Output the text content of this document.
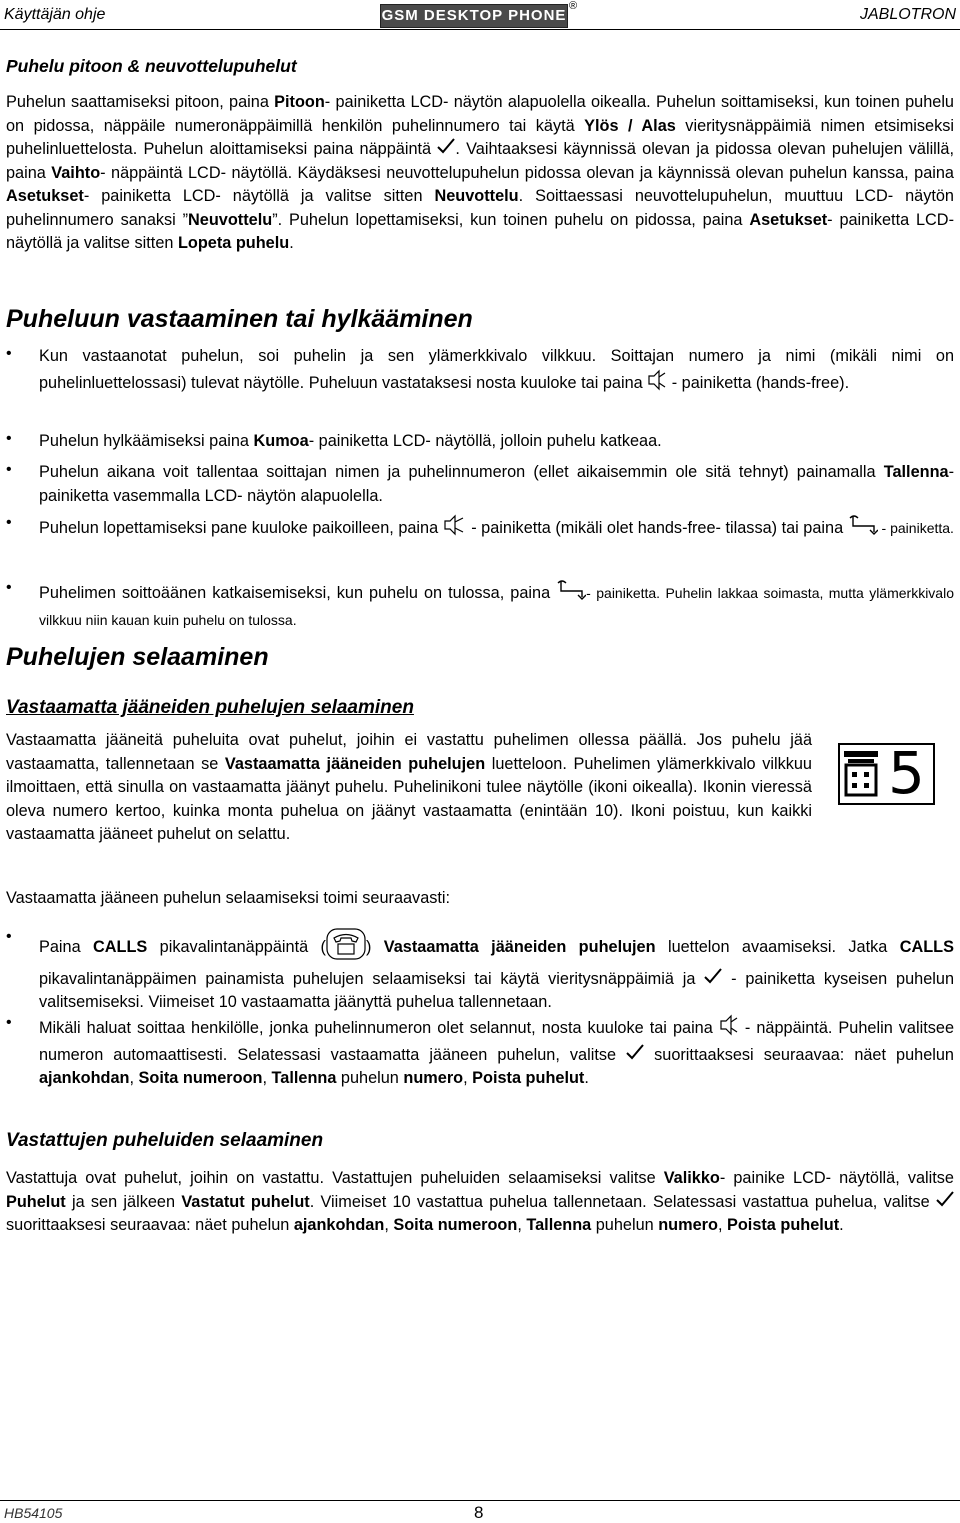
Käyttäjän ohje	GSM DESKTOP PHONE
®	JABLOTRON
Puhelu pitoon & neuvottelupuhelut

Puhelun saattamiseksi pitoon, paina Pitoon- painiketta LCD- näytön alapuolella oikealla. Puhelun soittamiseksi, kun toinen puhelu on pidossa, näppäile numeronäppäimillä henkilön puhelinnumero tai käytä Ylös / Alas vieritysnäppäimiä nimen etsimiseksi puhelinluettelosta. Puhelun aloittamiseksi paina näppäintä . Vaihtaaksesi käynnissä olevan ja pidossa olevan puhelujen välillä, paina Vaihto- näppäintä LCD- näytöllä. Käydäksesi neuvottelupuhelun pidossa olevan ja käynnissä olevan puhelun kanssa, paina Asetukset- painiketta LCD- näytöllä ja valitse sitten Neuvottelu. Soittaessasi neuvottelupuhelun, muuttuu LCD- näytön puhelinnumero sanaksi ”Neuvottelu”. Puhelun lopettamiseksi, kun toinen puhelu on pidossa, paina Asetukset- painiketta LCD- näytöllä ja valitse sitten Lopeta puhelu.

Puheluun vastaaminen tai hylkääminen
• Kun vastaanotat puhelun, soi puhelin ja sen ylämerkkivalo vilkkuu. Soittajan numero ja nimi (mikäli nimi on puhelinluettelossasi) tulevat näytölle. Puheluun vastataksesi nosta kuuloke tai paina  - painiketta (hands-free).

• Puhelun hylkäämiseksi paina Kumoa- painiketta LCD- näytöllä, jolloin puhelu katkeaa.

• Puhelun aikana voit tallentaa soittajan nimen ja puhelinnumeron (ellet aikaisemmin ole sitä tehnyt) painamalla Tallenna- painiketta vasemmalla LCD- näytön alapuolella.

• Puhelun lopettamiseksi pane kuuloke paikoilleen, paina  - painiketta (mikäli olet hands-free- tilassa) tai paina  - painiketta.

• Puhelimen soittoäänen katkaisemiseksi, kun puhelu on tulossa, paina - painiketta. Puhelin lakkaa soimasta, mutta ylämerkkivalo vilkkuu niin kauan kuin puhelu on tulossa.

Puhelujen selaaminen
Vastaamatta jääneiden puhelujen selaaminen

Vastaamatta jääneitä puheluita ovat puhelut, joihin ei vastattu puhelimen ollessa päällä. Jos puhelu jää vastaamatta, tallennetaan se Vastaamatta jääneiden puhelujen luetteloon. Puhelimen ylämerkkivalo vilkkuu ilmoittaen, että sinulla on vastaamatta jäänyt puhelu. Puhelinikoni tulee näytölle (ikoni oikealla). Ikonin vieressä oleva numero kertoo, kuinka monta puhelua on jäänyt vastaamatta (enintään 10). Ikoni poistuu, kun kaikki vastaamatta jääneet puhelut on selattu.

5

Vastaamatta jääneen puhelun selaamiseksi toimi seuraavasti:

•

Paina CALLS pikavalintanäppäintä ( ) Vastaamatta jääneiden puhelujen luettelon avaamiseksi. Jatka CALLS pikavalintanäppäimen painamista puhelujen selaamiseksi tai käytä vieritysnäppäimiä ja  - painiketta kyseisen puhelun valitsemiseksi. Viimeiset 10 vastaamatta jäänyttä puhelua tallennetaan.

• Mikäli haluat soittaa henkilölle, jonka puhelinnumeron olet selannut, nosta kuuloke tai paina  - näppäintä. Puhelin valitsee numeron automaattisesti. Selatessasi vastaamatta jääneen puhelun, valitse  suorittaaksesi seuraavaa: näet puhelun ajankohdan, Soita numeroon, Tallenna puhelun numero, Poista puhelut.

Vastattujen puheluiden selaaminen

Vastattuja ovat puhelut, joihin on vastattu. Vastattujen puheluiden selaamiseksi valitse Valikko- painike LCD- näytöllä, valitse Puhelut ja sen jälkeen Vastatut puhelut. Viimeiset 10 vastattua puhelua tallennetaan. Selatessasi vastattua puhelua, valitse  suorittaaksesi seuraavaa: näet puhelun ajankohdan, Soita numeroon, Tallenna puhelun numero, Poista puhelut.

HB54105	8
